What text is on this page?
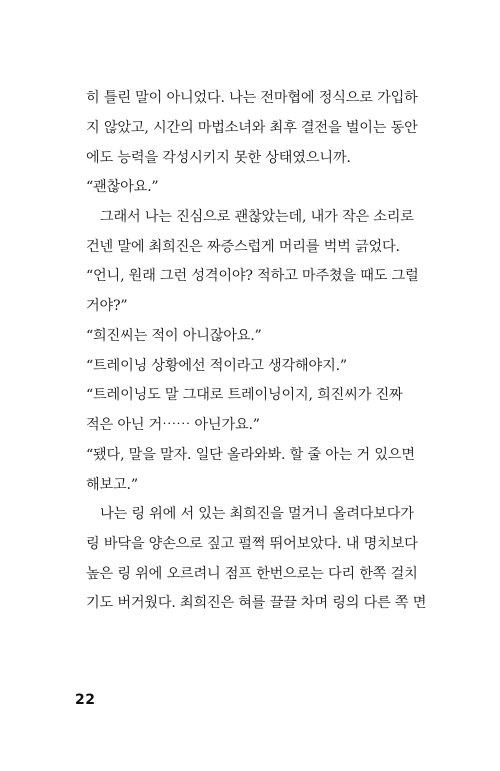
히 틀린 말이 아니었다. 나는 전마협에 정식으로 가입하
지 않았고, 시간의 마법소녀와 최후 결전을 벌이는 동안
에도 능력을 각성시키지 못한 상태였으니까.
“괜찮아요.”
그래서 나는 진심으로 괜찮았는데, 내가 작은 소리로
건넨 말에 최희진은 짜증스럽게 머리를 벅벅 긁었다.
“언니, 원래 그런 성격이야? 적하고 마주쳤을 때도 그럴
거야?”
“희진씨는 적이 아니잖아요.”
“트레이닝 상황에선 적이라고 생각해야지.”
“트레이닝도 말 그대로 트레이닝이지, 희진씨가 진짜
적은 아닌 거⋯⋯ 아닌가요.”
“됐다, 말을 말자. 일단 올라와봐. 할 줄 아는 거 있으면
해보고.”
나는 링 위에 서 있는 최희진을 멀거니 올려다보다가
링 바닥을 양손으로 짚고 펄쩍 뛰어보았다. 내 명치보다
높은 링 위에 오르려니 점프 한번으로는 다리 한쪽 걸치
기도 버거웠다. 최희진은 혀를 끌끌 차며 링의 다른 쪽 면
22
